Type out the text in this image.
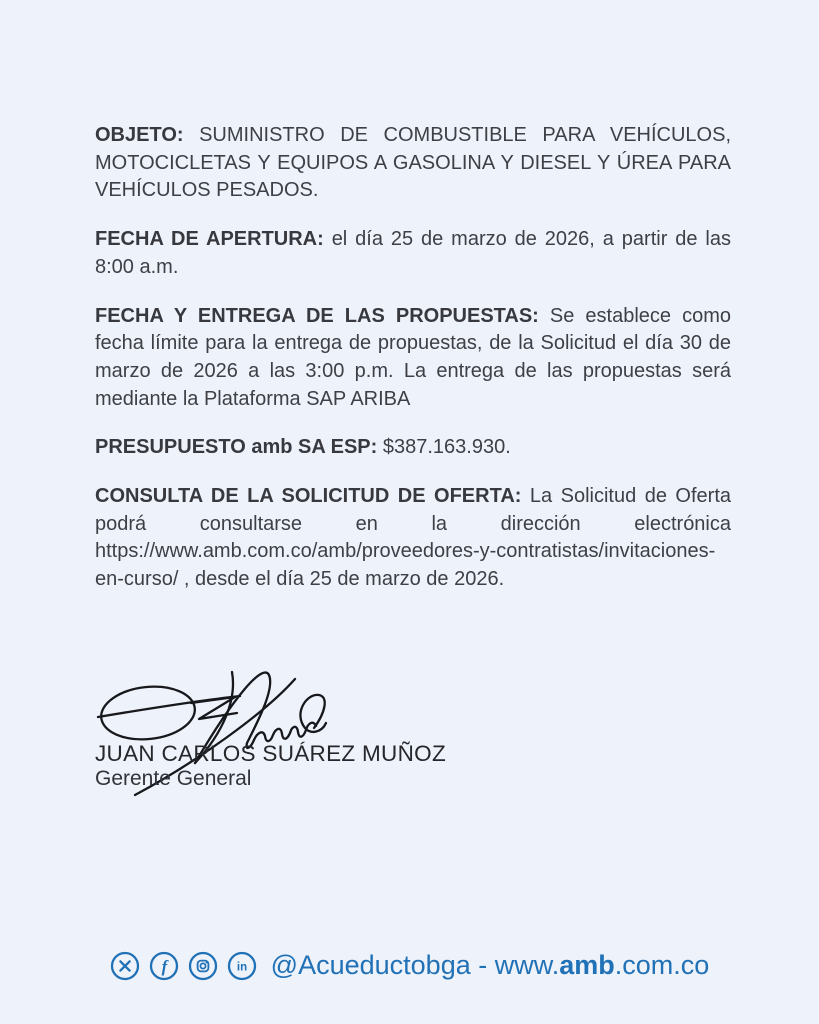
OBJETO: SUMINISTRO DE COMBUSTIBLE PARA VEHÍCULOS, MOTOCICLETAS Y EQUIPOS A GASOLINA Y DIESEL Y ÚREA PARA VEHÍCULOS PESADOS.

FECHA DE APERTURA: el día 25 de marzo de 2026, a partir de las 8:00 a.m.

FECHA Y ENTREGA DE LAS PROPUESTAS: Se establece como fecha límite para la entrega de propuestas, de la Solicitud el día 30 de marzo de 2026 a las 3:00 p.m. La entrega de las propuestas será mediante la Plataforma SAP ARIBA

PRESUPUESTO amb SA ESP: $387.163.930.

CONSULTA DE LA SOLICITUD DE OFERTA: La Solicitud de Oferta podrá consultarse en la dirección electrónica https://www.amb.com.co/amb/proveedores-y-contratistas/invitaciones-en-curso/ , desde el día 25 de marzo de 2026.

JUAN CARLOS SUÁREZ MUÑOZ
Gerente General
f	in @Acueductobga - www.amb.com.co
